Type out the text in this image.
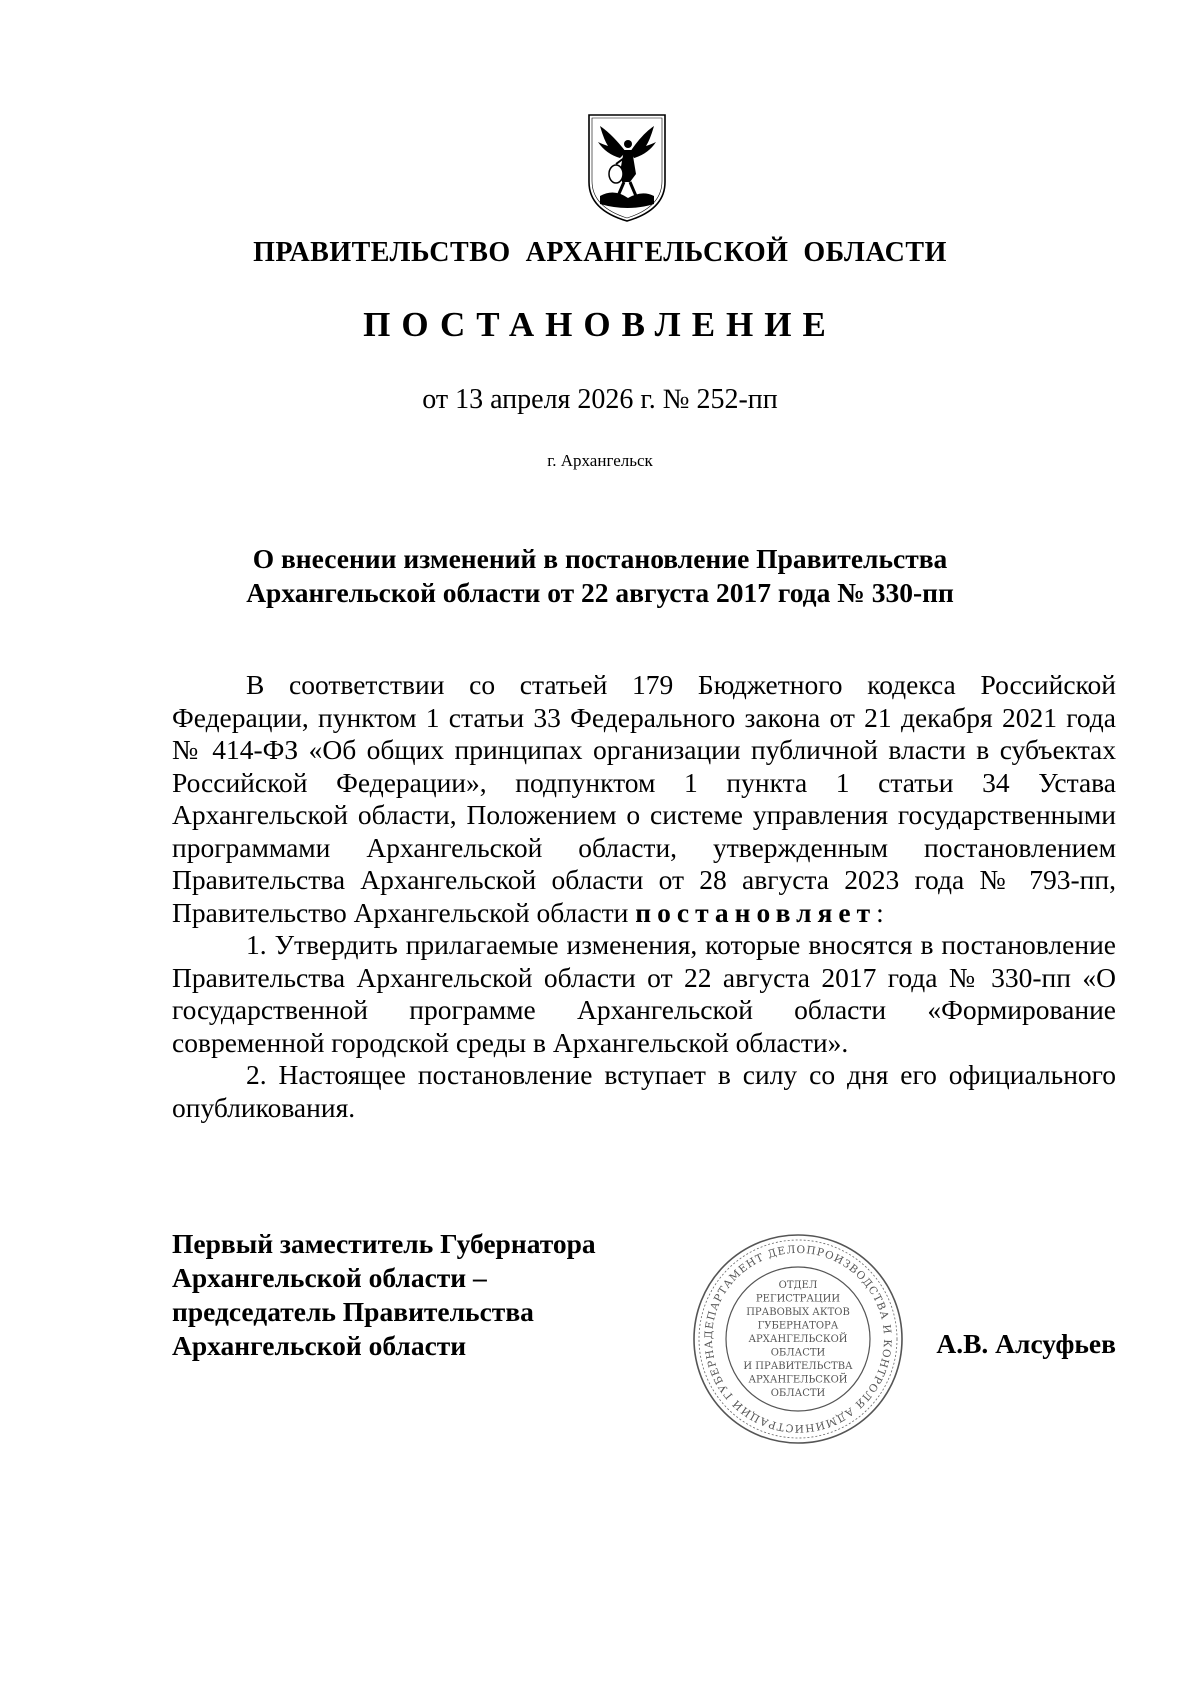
ПРАВИТЕЛЬСТВО  АРХАНГЕЛЬСКОЙ  ОБЛАСТИ
ПОСТАНОВЛЕНИЕ
от 13 апреля 2026 г. № 252-пп
г. Архангельск
О внесении изменений в постановление Правительства
Архангельской области от 22 августа 2017 года № 330-пп

В соответствии со статьей 179 Бюджетного кодекса Российской Федерации, пунктом 1 статьи 33 Федерального закона от 21 декабря 2021 года № 414-ФЗ «Об общих принципах организации публичной власти в субъектах Российской Федерации», подпунктом 1 пункта 1 статьи 34 Устава Архангельской области, Положением о системе управления государственными программами Архангельской области, утвержденным постановлением Правительства Архангельской области от 28 августа 2023 года № 793-пп, Правительство Архангельской области постановляет:

1. Утвердить прилагаемые изменения, которые вносятся в постановление Правительства Архангельской области от 22 августа 2017 года № 330-пп «О государственной программе Архангельской области «Формирование современной городской среды в Архангельской области».

2. Настоящее постановление вступает в силу со дня его официального опубликования.

Первый заместитель Губернатора
Архангельской области –
председатель Правительства
Архангельской области	ДЕПАРТАМЕНТ ДЕЛОПРОИЗВОДСТВА И КОНТРОЛЯ АДМИНИСТРАЦИИ ГУБЕРНА
ОТДЕЛ
РЕГИСТРАЦИИ
ПРАВОВЫХ АКТОВ
ГУБЕРНАТОРА
АРХАНГЕЛЬСКОЙ
ОБЛАСТИ
И ПРАВИТЕЛЬСТВА
АРХАНГЕЛЬСКОЙ
ОБЛАСТИ
А.В. Алсуфьев
